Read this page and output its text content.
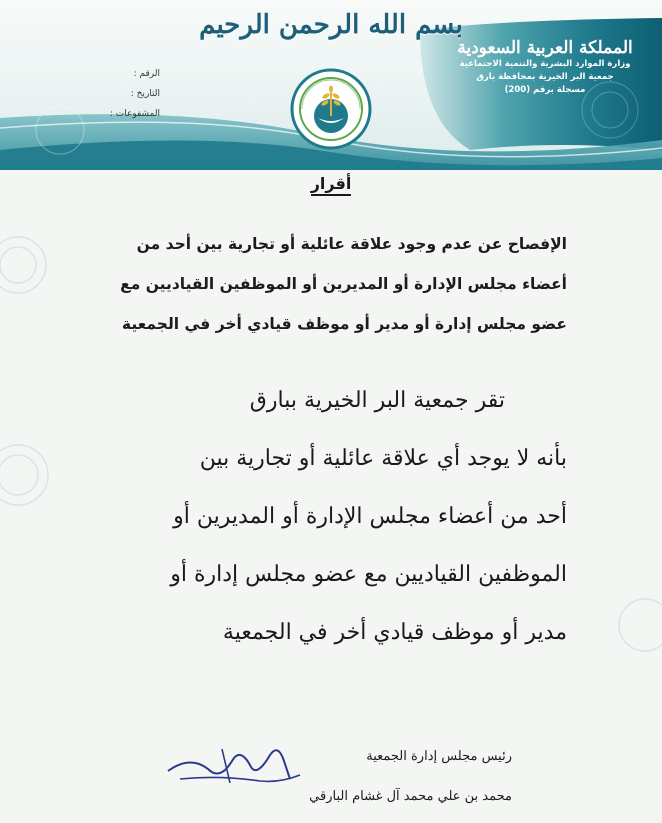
بسم الله الرحمن الرحيم
المملكة العربية السعودية
وزارة الموارد البشرية والتنمية الاجتماعية
جمعية البر الخيرية بمحافظة بارق
مسجلة برقم (200)
الرقم :
التاريخ :
المشفوعات :
أقرار
الإفصاح عن عدم وجود علاقة عائلية أو تجارية بين أحد من
أعضاء مجلس الإدارة أو المديرين أو الموظفين القياديين مع
عضو مجلس إدارة أو مدير أو موظف قيادي أخر في الجمعية
تقر جمعية البر الخيرية ببارق
بأنه لا يوجد أي علاقة عائلية أو تجارية بين
أحد من أعضاء مجلس الإدارة أو المديرين أو
الموظفين القياديين مع عضو مجلس إدارة أو
مدير أو موظف قيادي أخر في الجمعية
رئيس مجلس إدارة الجمعية
محمد بن علي محمد آل غشام البارقي
